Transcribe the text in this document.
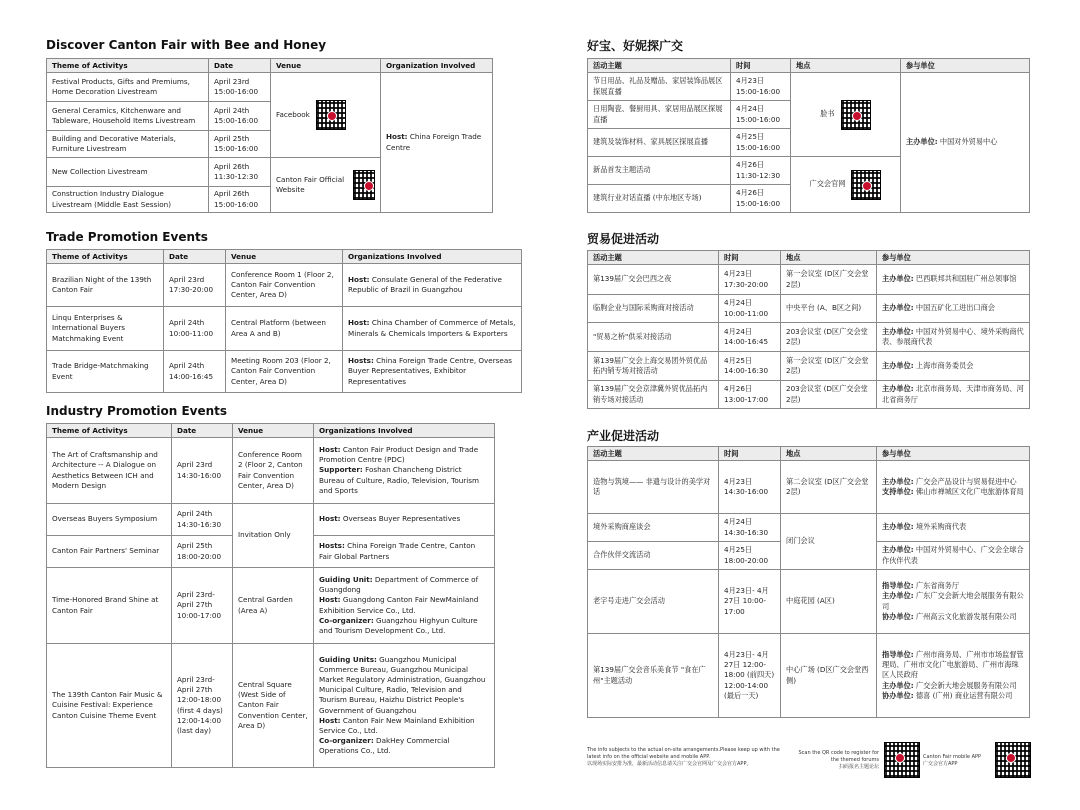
Discover Canton Fair with Bee and Honey
Theme of Activitys	Date	Venue	Organization Involved
Festival Products, Gifts and Premiums, Home Decoration Livestream	April 23rd 15:00-16:00	Facebook	Host: China Foreign Trade Centre
General Ceramics, Kitchenware and Tableware, Household Items Livestream	April 24th 15:00-16:00		
Building and Decorative Materials, Furniture Livestream	April 25th 15:00-16:00		
New Collection Livestream	April 26th 11:30-12:30	Canton Fair Official Website	

Construction Industry Dialogue Livestream (Middle East Session)	April 26th 15:00-16:00		
Trade Promotion Events
Theme of Activitys	Date	Venue	Organizations Involved
Brazilian Night of the 139th Canton Fair	April 23rd 17:30-20:00	Conference Room 1 (Floor 2, Canton Fair Convention Center, Area D)	Host: Consulate General of the Federative Republic of Brazil in Guangzhou
Linqu Enterprises & International Buyers Matchmaking Event	April 24th 10:00-11:00	Central Platform (between Area A and B)	Host: China Chamber of Commerce of Metals, Minerals & Chemicals Importers & Exporters
Trade Bridge-Matchmaking Event	April 24th 14:00-16:45	Meeting Room 203 (Floor 2, Canton Fair Convention Center, Area D)	Hosts: China Foreign Trade Centre, Overseas Buyer Representatives, Exhibitor Representatives
Industry Promotion Events
Theme of Activitys	Date	Venue	Organizations Involved
The Art of Craftsmanship and Architecture -- A Dialogue on Aesthetics Between ICH and Modern Design	April 23rd 14:30-16:00	Conference Room 2 (Floor 2, Canton Fair Convention Center, Area D)	Host: Canton Fair Product Design and Trade Promotion Centre (PDC)
Supporter: Foshan Chancheng District Bureau of Culture, Radio, Television, Tourism and Sports
Overseas Buyers Symposium	April 24th 14:30-16:30	Invitation Only	Host: Overseas Buyer Representatives
Canton Fair Partners' Seminar	April 25th 18:00-20:00		Hosts: China Foreign Trade Centre, Canton Fair Global Partners
Time-Honored Brand Shine at Canton Fair	April 23rd- April 27th 10:00-17:00	Central Garden (Area A)	Guiding Unit: Department of Commerce of Guangdong
Host: Guangdong Canton Fair NewMainland Exhibition Service Co., Ltd.
Co-organizer: Guangzhou Highyun Culture and Tourism Development Co., Ltd.
The 139th Canton Fair Music & Cuisine Festival: Experience Canton Cuisine Theme Event	April 23rd- April 27th 12:00-18:00 (first 4 days) 12:00-14:00 (last day)	Central Square (West Side of Canton Fair Convention Center, Area D)	Guiding Units: Guangzhou Municipal Commerce Bureau, Guangzhou Municipal Market Regulatory Administration, Guangzhou Municipal Culture, Radio, Television and Tourism Bureau, Haizhu District People's Government of Guangzhou
Host: Canton Fair New Mainland Exhibition Service Co., Ltd.
Co-organizer: DakHey Commercial Operations Co., Ltd.
好宝、好妮探广交
活动主题	时间	地点	参与单位
节日用品、礼品及赠品、家居装饰品展区探展直播	4月23日 15:00-16:00	脸书	主办单位: 中国对外贸易中心
日用陶瓷、餐厨用具、家居用品展区探展直播	4月24日 15:00-16:00		
建筑及装饰材料、家具展区探展直播	4月25日 15:00-16:00		
新品首发主题活动	4月26日 11:30-12:30	广交会官网	

建筑行业对话直播 (中东地区专场)	4月26日 15:00-16:00		
贸易促进活动
活动主题	时间	地点	参与单位
第139届广交会巴西之夜	4月23日 17:30-20:00	第一会议室 (D区广交会堂2层)	主办单位: 巴西联邦共和国驻广州总领事馆
临朐企业与国际采购商对接活动	4月24日 10:00-11:00	中央平台 (A、B区之间)	主办单位: 中国五矿化工进出口商会
"贸易之桥"供采对接活动	4月24日 14:00-16:45	203会议室 (D区广交会堂2层)	主办单位: 中国对外贸易中心、境外采购商代表、参展商代表
第139届广交会上海交易团外贸优品拓内销专场对接活动	4月25日 14:00-16:30	第一会议室 (D区广交会堂2层)	主办单位: 上海市商务委员会
第139届广交会京津冀外贸优品拓内销专场对接活动	4月26日 13:00-17:00	203会议室 (D区广交会堂2层)	主办单位: 北京市商务局、天津市商务局、河北省商务厅
产业促进活动
活动主题	时间	地点	参与单位
造物与筑境—— 非遗与设计的美学对话	4月23日 14:30-16:00	第二会议室 (D区广交会堂2层)	主办单位: 广交会产品设计与贸易促进中心
支持单位: 佛山市禅城区文化广电旅游体育局
境外采购商座谈会	4月24日 14:30-16:30	闭门会议	主办单位: 境外采购商代表
合作伙伴交流活动	4月25日 18:00-20:00		主办单位: 中国对外贸易中心、广交会全球合作伙伴代表
老字号走进广交会活动	4月23日- 4月27日 10:00-17:00	中庭花园 (A区)	指导单位: 广东省商务厅
主办单位: 广东广交会新大地会展服务有限公司
协办单位: 广州高云文化旅游发展有限公司
第139届广交会音乐美食节 "食在广州"主题活动	4月23日- 4月27日 12:00-18:00 (前四天) 12:00-14:00 (最后一天)	中心广场 (D区广交会堂西侧)	指导单位: 广州市商务局、广州市市场监督管理局、广州市文化广电旅游局、广州市海珠区人民政府
主办单位: 广交会新大地会展服务有限公司
协办单位: 德喜 (广州) 商业运营有限公司
The info subjects to the actual on-site arrangements.Please keep up with the latest info on the official website and mobile APP.
以现场实际安排为准，最新活动信息请关注广交会官网及广交会官方APP。
Scan the QR code to register for the themed forums
扫码报名主题论坛
Canton Fair mobile APP
广交会官方APP
